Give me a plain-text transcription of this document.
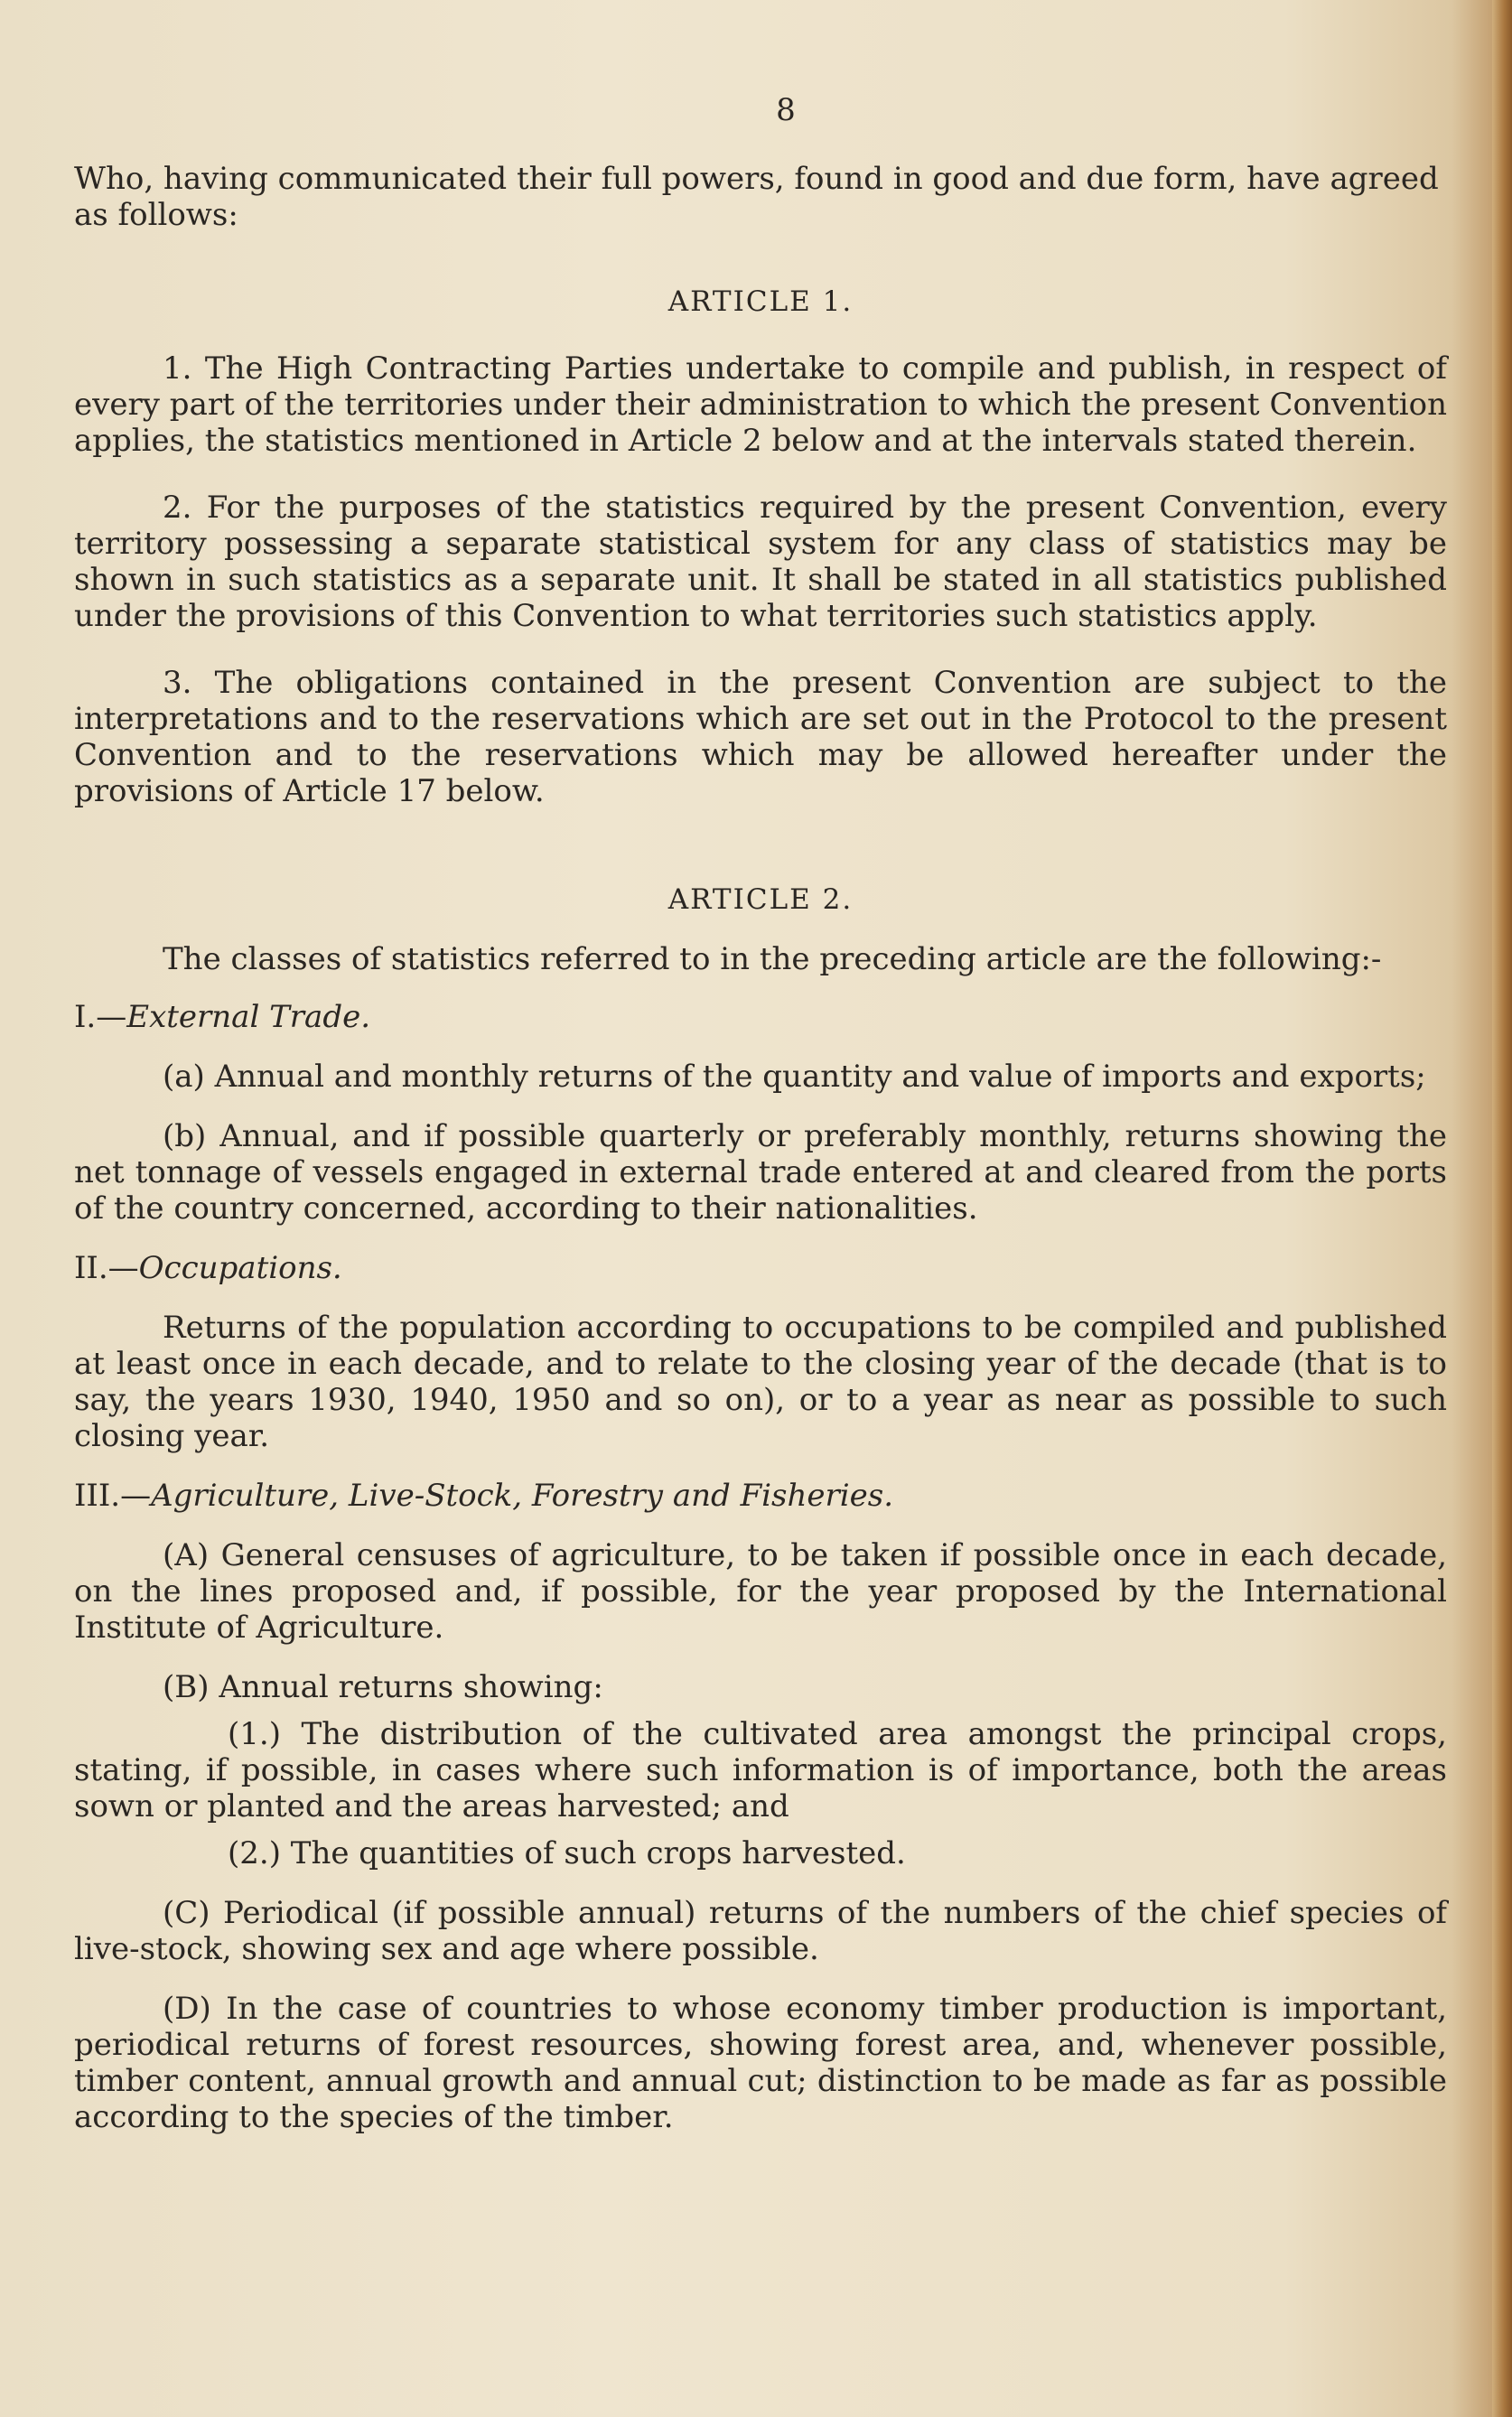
8

Who, having communicated their full powers, found in good and due form, have agreed as follows:

ARTICLE 1.

1. The High Contracting Parties undertake to compile and publish, in respect of every part of the territories under their administration to which the present Convention applies, the statistics mentioned in Article 2 below and at the intervals stated therein.

2. For the purposes of the statistics required by the present Convention, every territory possessing a separate statistical system for any class of statistics may be shown in such statistics as a separate unit. It shall be stated in all statistics published under the provisions of this Convention to what territories such statistics apply.

3. The obligations contained in the present Convention are subject to the interpretations and to the reservations which are set out in the Protocol to the present Convention and to the reservations which may be allowed hereafter under the provisions of Article 17 below.

ARTICLE 2.

The classes of statistics referred to in the preceding article are the following:-

I.—External Trade.

(a) Annual and monthly returns of the quantity and value of imports and exports;

(b) Annual, and if possible quarterly or preferably monthly, returns showing the net tonnage of vessels engaged in external trade entered at and cleared from the ports of the country concerned, according to their nationalities.

II.—Occupations.

Returns of the population according to occupations to be compiled and published at least once in each decade, and to relate to the closing year of the decade (that is to say, the years 1930, 1940, 1950 and so on), or to a year as near as possible to such closing year.

III.—Agriculture, Live-Stock, Forestry and Fisheries.

(A) General censuses of agriculture, to be taken if possible once in each decade, on the lines proposed and, if possible, for the year proposed by the International Institute of Agriculture.

(B) Annual returns showing:

(1.) The distribution of the cultivated area amongst the principal crops, stating, if possible, in cases where such information is of importance, both the areas sown or planted and the areas harvested; and

(2.) The quantities of such crops harvested.

(C) Periodical (if possible annual) returns of the numbers of the chief species of live-stock, showing sex and age where possible.

(D) In the case of countries to whose economy timber production is important, periodical returns of forest resources, showing forest area, and, whenever possible, timber content, annual growth and annual cut; distinction to be made as far as possible according to the species of the timber.
